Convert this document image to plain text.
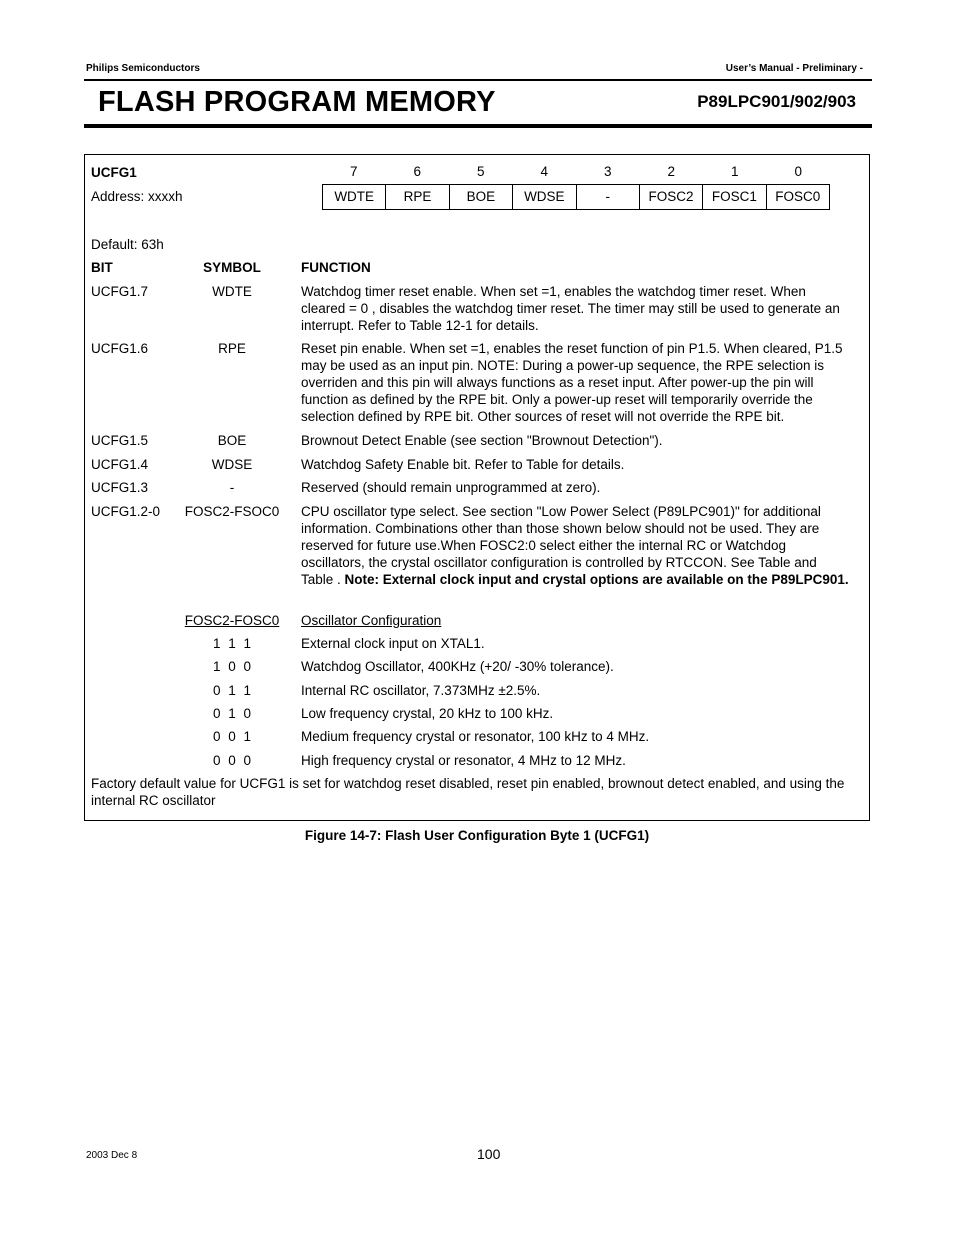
Philips Semiconductors	User’s Manual - Preliminary -
FLASH PROGRAM MEMORY	P89LPC901/902/903
UCFG1
Address: xxxxh
7	6	5	4	3	2	1	0
WDTE	RPE	BOE	WDSE	-	FOSC2	FOSC1	FOSC0
Default: 63h
BIT	SYMBOL	FUNCTION
UCFG1.7	WDTE	Watchdog timer reset enable. When set =1, enables the watchdog timer reset. When cleared = 0 , disables the watchdog timer reset. The timer may still be used to generate an interrupt. Refer to Table 12-1 for details.
UCFG1.6	RPE	Reset pin enable. When set =1, enables the reset function of pin P1.5. When cleared, P1.5 may be used as an input pin. NOTE: During a power-up sequence, the RPE selection is overriden and this pin will always functions as a reset input. After power-up the pin will function as defined by the RPE bit. Only a power-up reset will temporarily override the selection defined by RPE bit. Other sources of reset will not override the RPE bit.
UCFG1.5	BOE	Brownout Detect Enable (see section "Brownout Detection").
UCFG1.4	WDSE	Watchdog Safety Enable bit. Refer to Table for details.
UCFG1.3	-	Reserved (should remain unprogrammed at zero).
UCFG1.2-0	FOSC2-FSOC0	CPU oscillator type select. See section "Low Power Select (P89LPC901)" for additional information. Combinations other than those shown below should not be used. They are reserved for future use.When FOSC2:0 select either the internal RC or Watchdog oscillators, the crystal oscillator configuration is controlled by RTCCON. See Table and Table . Note: External clock input and crystal options are available on the P89LPC901.
FOSC2-FOSC0	Oscillator Configuration
1 1 1	External clock input on XTAL1.
1 0 0	Watchdog Oscillator, 400KHz (+20/ -30% tolerance).
0 1 1	Internal RC oscillator, 7.373MHz ±2.5%.
0 1 0	Low frequency crystal, 20 kHz to 100 kHz.
0 0 1	Medium frequency crystal or resonator, 100 kHz to 4 MHz.
0 0 0	High frequency crystal or resonator, 4 MHz to 12 MHz.
Factory default value for UCFG1 is set for watchdog reset disabled, reset pin enabled, brownout detect enabled, and using the internal RC oscillator
Figure 14-7: Flash User Configuration Byte 1 (UCFG1)
2003 Dec 8	100
